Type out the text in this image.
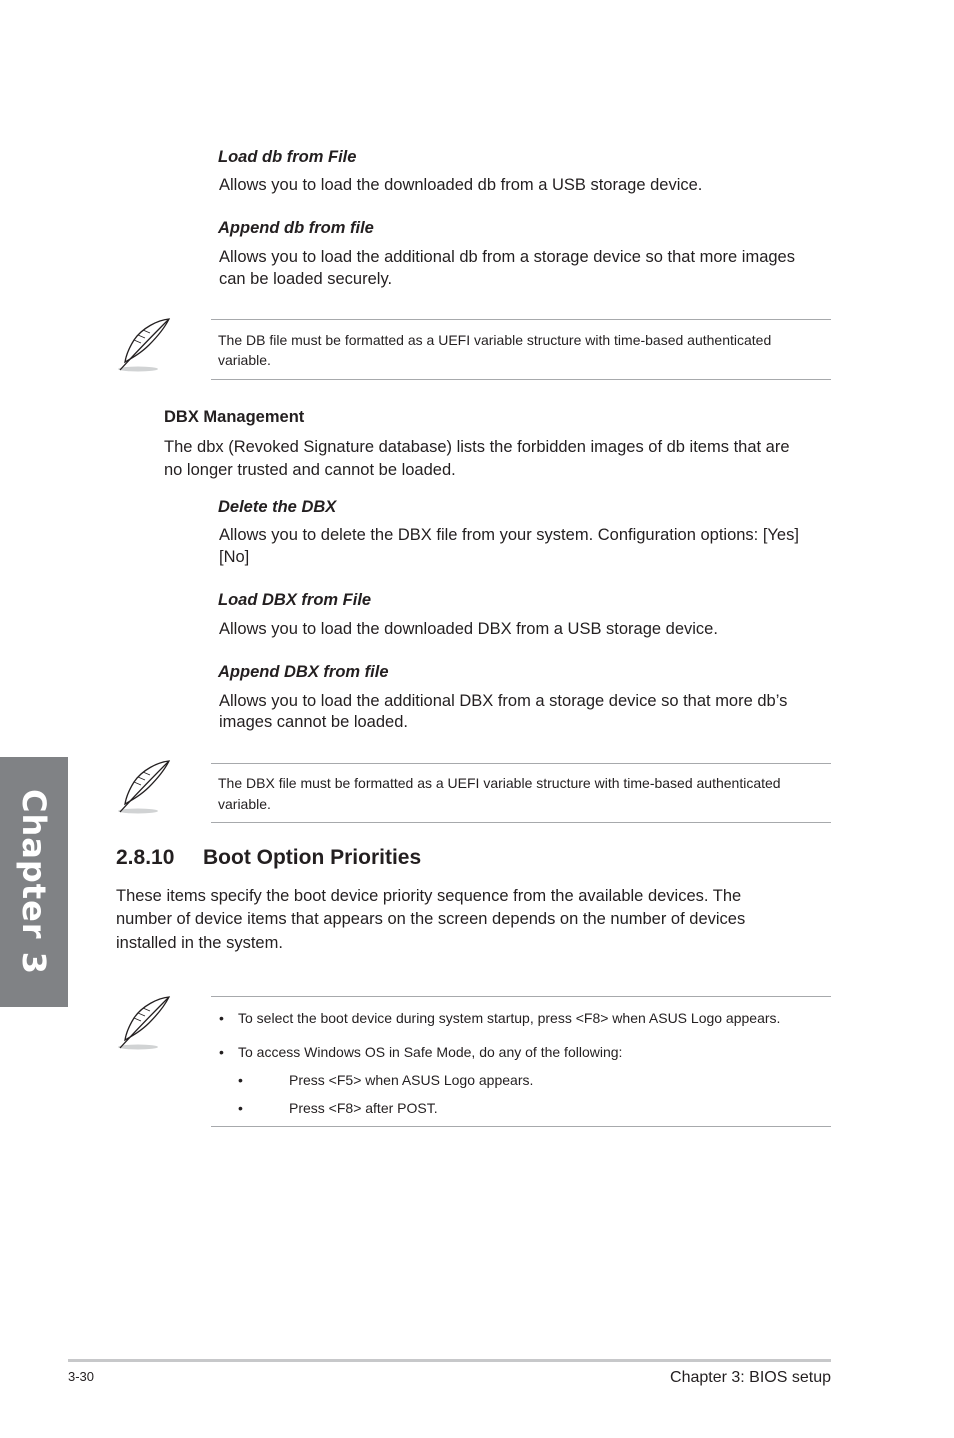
Load db from File
Allows you to load the downloaded db from a USB storage device.
Append db from file
Allows you to load the additional db from a storage device so that more images
can be loaded securely.
The DB file must be formatted as a UEFI variable structure with time-based authenticated
variable.
DBX Management
The dbx (Revoked Signature database) lists the forbidden images of db items that are
no longer trusted and cannot be loaded.
Delete the DBX
Allows you to delete the DBX file from your system. Configuration options: [Yes]
[No]
Load DBX from File
Allows you to load the downloaded DBX from a USB storage device.
Append DBX from file
Allows you to load the additional DBX from a storage device so that more db’s
images cannot be loaded.
Chapter 3
The DBX file must be formatted as a UEFI variable structure with time-based authenticated
variable.
2.8.10 Boot Option Priorities
These items specify the boot device priority sequence from the available devices. The
number of device items that appears on the screen depends on the number of devices
installed in the system.
• To select the boot device during system startup, press <F8> when ASUS Logo appears.
• To access Windows OS in Safe Mode, do any of the following:
•	Press <F5> when ASUS Logo appears.
•	Press <F8> after POST.
3-30	Chapter 3: BIOS setup
